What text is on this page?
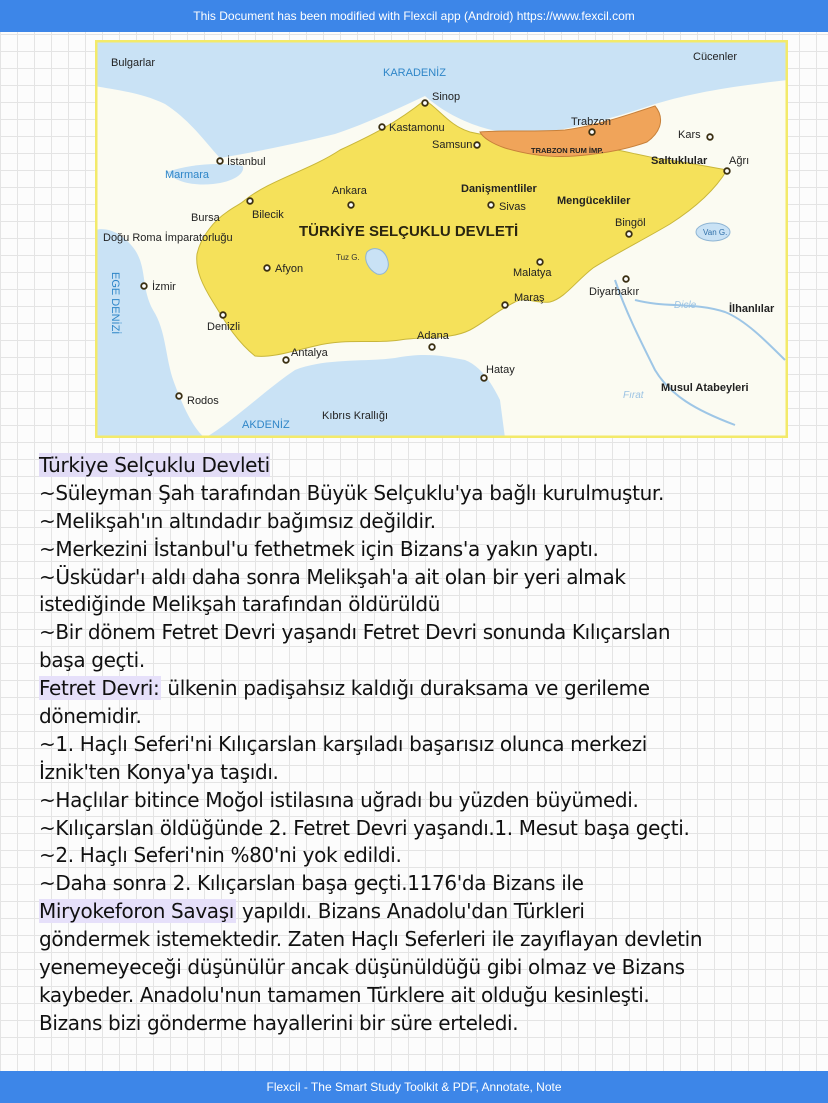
This Document has been modified with Flexcil app (Android) https://www.fexcil.com
Bulgarlar	Cücenler
Sinop
Kastamonu
Samsun
Trabzon
Kars
Ağrı
İstanbul
Ankara
Sivas
Bursa	Bilecik
Bingöl
Afyon	Malatya
İzmir
Maraş	Diyarbakır
Denizli
Adana
Antalya
Hatay
Rodos
Doğu Roma İmparatorluğu
Kıbrıs Krallığı
Danişmentliler
Mengücekliler
Saltuklular
İlhanlılar
Musul Atabeyleri
TRABZON RUM İMP.
TÜRKİYE SELÇUKLU DEVLETİ
KARADENİZ
Marmara
AKDENİZ
EGE DENİZİ
Tuz G.
Van G.
Dicle
Fırat
Türkiye Selçuklu Devleti
~Süleyman Şah tarafından Büyük Selçuklu'ya bağlı kurulmuştur.
~Melikşah'ın altındadır bağımsız değildir.
~Merkezini İstanbul'u fethetmek için Bizans'a yakın yaptı.
~Üsküdar'ı aldı daha sonra Melikşah'a ait olan bir yeri almak
istediğinde Melikşah tarafından öldürüldü
~Bir dönem Fetret Devri yaşandı Fetret Devri sonunda Kılıçarslan
başa geçti.
Fetret Devri: ülkenin padişahsız kaldığı duraksama ve gerileme
dönemidir.
~1. Haçlı Seferi'ni Kılıçarslan karşıladı başarısız olunca merkezi
İznik'ten Konya'ya taşıdı.
~Haçlılar bitince Moğol istilasına uğradı bu yüzden büyümedi.
~Kılıçarslan öldüğünde 2. Fetret Devri yaşandı.1. Mesut başa geçti.
~2. Haçlı Seferi'nin %80'ni yok edildi.
~Daha sonra 2. Kılıçarslan başa geçti.1176'da Bizans ile
Miryokeforon Savaşı yapıldı. Bizans Anadolu'dan Türkleri
göndermek istemektedir. Zaten Haçlı Seferleri ile zayıflayan devletin
yenemeyeceği düşünülür ancak düşünüldüğü gibi olmaz ve Bizans
kaybeder. Anadolu'nun tamamen Türklere ait olduğu kesinleşti.
Bizans bizi gönderme hayallerini bir süre erteledi.
Flexcil - The Smart Study Toolkit & PDF, Annotate, Note
